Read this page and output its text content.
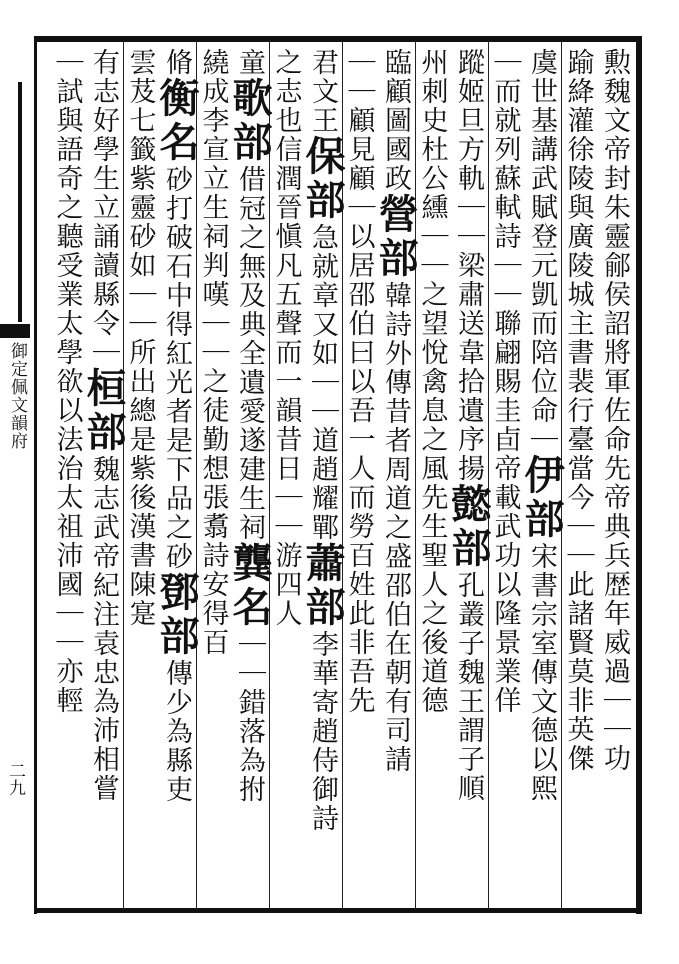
御定佩文韻府
二九
勲魏文帝封朱靈鄃侯詔將軍佐命先帝典兵歴年威過｜｜功
踰絳灌徐陵與廣陵城主書裴行臺當今｜｜此諸賢莫非英傑
虞世基講武賦登元凱而陪位命｜伊部宋書宗室傳文德以熙
｜而就列蘇軾詩｜｜聯翩賜圭卣帝載武功以隆景業佯
蹤姬旦方軌｜｜梁肅送韋拾遺序揚懿部孔叢子魏王謂子順
州刺史杜公纁｜｜之望悅禽息之風先生聖人之後道德
臨顧圖國政營部韓詩外傳昔者周道之盛邵伯在朝有司請
｜｜顧見顧｜以居邵伯曰以吾一人而勞百姓此非吾先
君文王保部急就章又如｜｜道趙耀鄲蕭部李華寄趙侍御詩
之志也信潤晉愼凡五聲而一韻昔日｜｜游四人
童歌部借冠之無及典全遺愛遂建生祠龔名｜｜錯落為拊
繞成李宣立生祠判嘆｜｜之徒勤想張翥詩安得百
脩衡名砂打破石中得紅光者是下品之砂鄧部傳少為縣吏
雲芨七籤紫靈砂如｜｜所出總是紫後漢書陳寔
有志好學生立誦讀縣令｜桓部魏志武帝紀注袁忠為沛相嘗
｜試與語奇之聽受業太學欲以法治太祖沛國｜｜亦輕
